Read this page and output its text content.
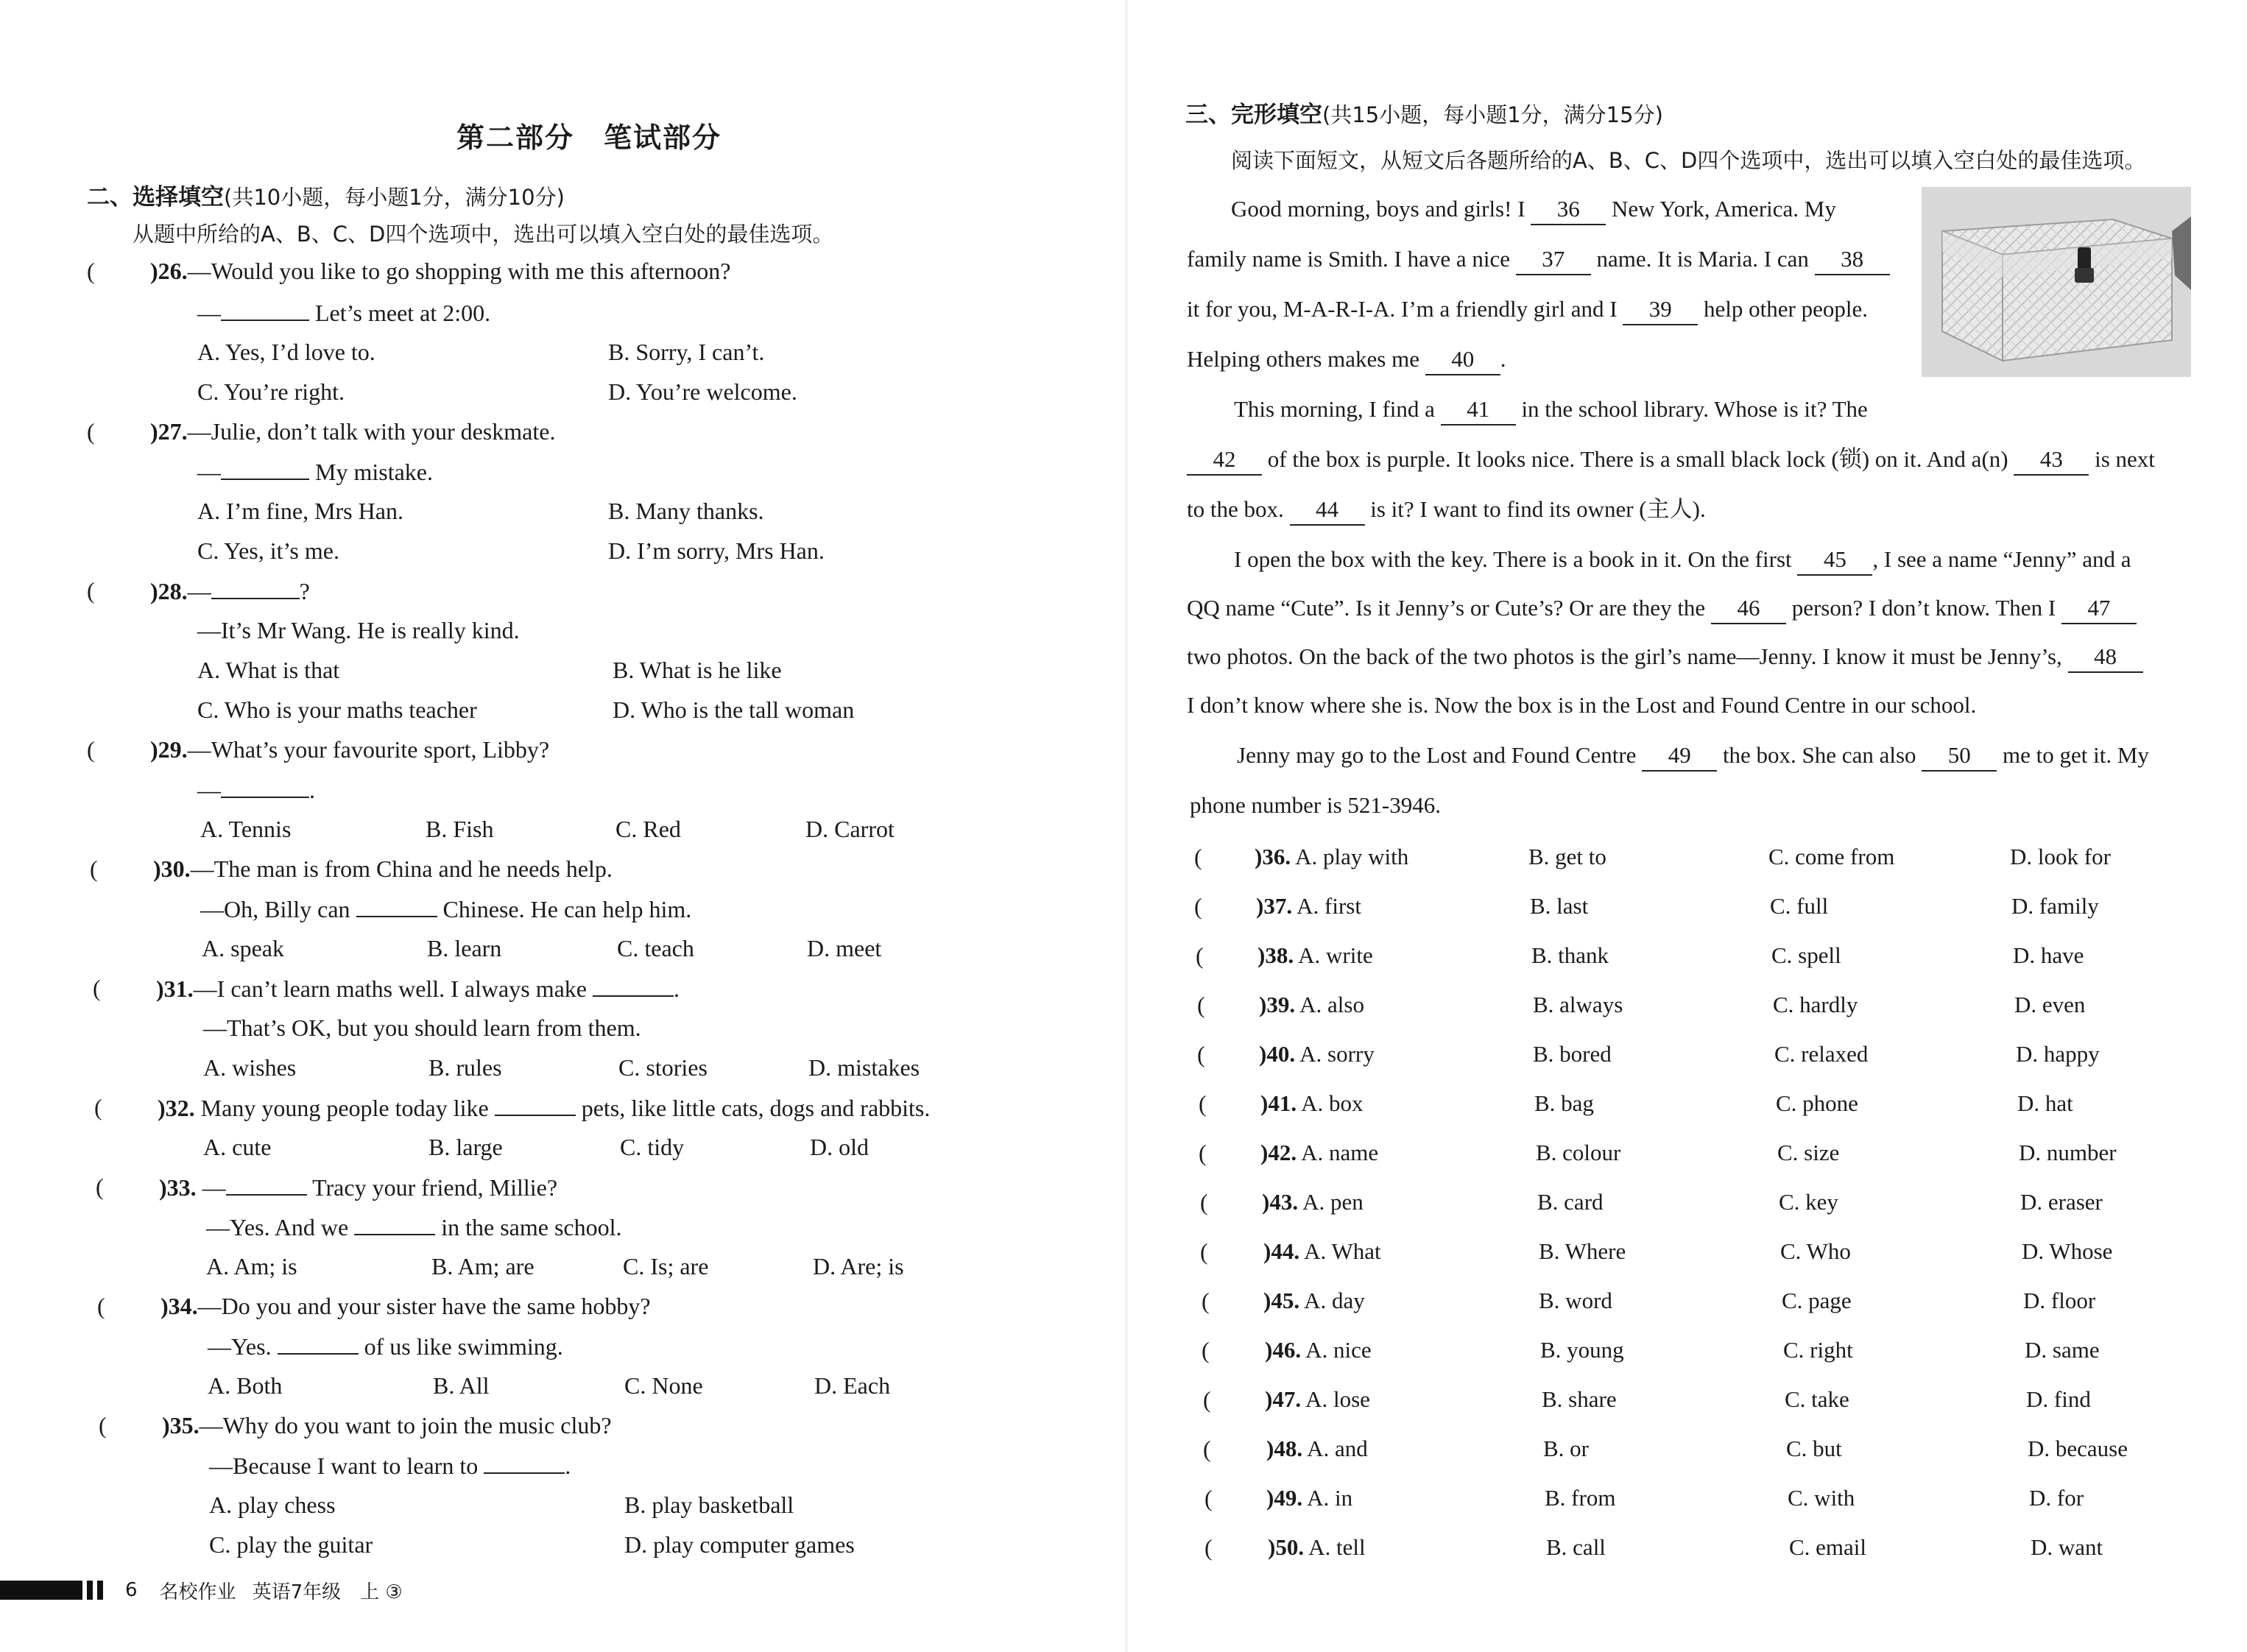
第二部分　笔试部分
二、选择填空(共10小题，每小题1分，满分10分)
从题中所给的A、B、C、D四个选项中，选出可以填入空白处的最佳选项。
( )26.—Would you like to go shopping with me this afternoon?
—	Let’s meet at 2:00.
A. Yes, I’d love to.	B. Sorry, I can’t.
C. You’re right.	D. You’re welcome.
( )27.—Julie, don’t talk with your deskmate.
—	My mistake.
A. I’m fine, Mrs Han.	B. Many thanks.
C. Yes, it’s me.	D. I’m sorry, Mrs Han.
( )28.—	?
—It’s Mr Wang. He is really kind.
A. What is that	B. What is he like
C. Who is your maths teacher	D. Who is the tall woman
( )29.—What’s your favourite sport, Libby?
—	.
A. Tennis	B. Fish	C. Red	D. Carrot
( )30.—The man is from China and he needs help.
—Oh, Billy can	Chinese. He can help him.
A. speak	B. learn	C. teach	D. meet
( )31.—I can’t learn maths well. I always make	.
—That’s OK, but you should learn from them.
A. wishes	B. rules	C. stories	D. mistakes
( )32. Many young people today like	pets, like little cats, dogs and rabbits.
A. cute	B. large	C. tidy	D. old
( )33. —	Tracy your friend, Millie?
—Yes. And we	in the same school.
A. Am; is	B. Am; are	C. Is; are	D. Are; is
( )34.—Do you and your sister have the same hobby?
—Yes.	of us like swimming.
A. Both	B. All	C. None	D. Each
( )35.—Why do you want to join the music club?
—Because I want to learn to	.
A. play chess	B. play basketball
C. play the guitar	D. play computer games
6 名校作业 英语7年级　上 ③
三、完形填空(共15小题，每小题1分，满分15分)
阅读下面短文，从短文后各题所给的A、B、C、D四个选项中，选出可以填入空白处的最佳选项。
Good morning, boys and girls! I 36 New York, America. My
family name is Smith. I have a nice 37 name. It is Maria. I can 38
it for you, M-A-R-I-A. I’m a friendly girl and I 39 help other people.
Helping others makes me 40 .
This morning, I find a 41 in the school library. Whose is it? The
42 of the box is purple. It looks nice. There is a small black lock (锁) on it. And a(n) 43 is next
to the box. 44 is it? I want to find its owner (主人).
I open the box with the key. There is a book in it. On the first 45 , I see a name “Jenny” and a
QQ name “Cute”. Is it Jenny’s or Cute’s? Or are they the 46 person? I don’t know. Then I 47
two photos. On the back of the two photos is the girl’s name—Jenny. I know it must be Jenny’s, 48
I don’t know where she is. Now the box is in the Lost and Found Centre in our school.
Jenny may go to the Lost and Found Centre 49 the box. She can also 50 me to get it. My
phone number is 521-3946.
( )36. A. play with	B. get to	C. come from	D. look for
( )37. A. first	B. last	C. full	D. family
( )38. A. write	B. thank	C. spell	D. have
( )39. A. also	B. always	C. hardly	D. even
( )40. A. sorry	B. bored	C. relaxed	D. happy
( )41. A. box	B. bag	C. phone	D. hat
( )42. A. name	B. colour	C. size	D. number
( )43. A. pen	B. card	C. key	D. eraser
( )44. A. What	B. Where	C. Who	D. Whose
( )45. A. day	B. word	C. page	D. floor
( )46. A. nice	B. young	C. right	D. same
( )47. A. lose	B. share	C. take	D. find
( )48. A. and	B. or	C. but	D. because
( )49. A. in	B. from	C. with	D. for
( )50. A. tell	B. call	C. email	D. want
